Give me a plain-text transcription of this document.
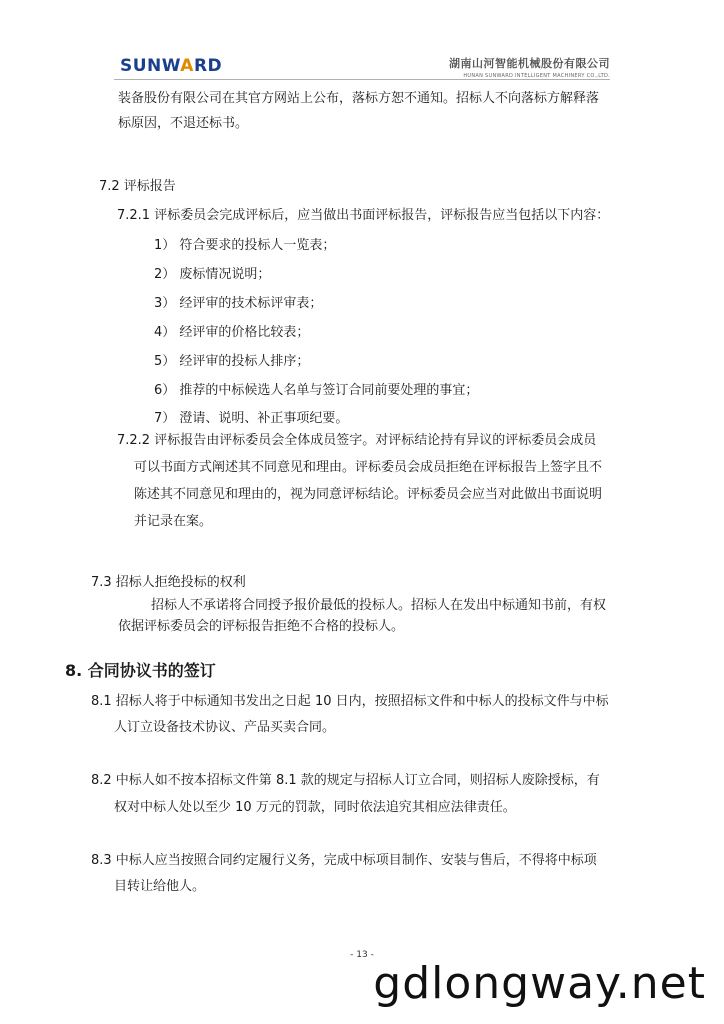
SUNWARD	湖南山河智能机械股份有限公司
HUNAN SUNWARD INTELLIGENT MACHINERY CO.,LTD.
装备股份有限公司在其官方网站上公布，落标方恕不通知。招标人不向落标方解释落
标原因，不退还标书。
7.2 评标报告
7.2.1 评标委员会完成评标后，应当做出书面评标报告，评标报告应当包括以下内容：
1） 符合要求的投标人一览表；
2） 废标情况说明；
3） 经评审的技术标评审表；
4） 经评审的价格比较表；
5） 经评审的投标人排序；
6） 推荐的中标候选人名单与签订合同前要处理的事宜；
7） 澄请、说明、补正事项纪要。
7.2.2 评标报告由评标委员会全体成员签字。对评标结论持有异议的评标委员会成员
可以书面方式阐述其不同意见和理由。评标委员会成员拒绝在评标报告上签字且不
陈述其不同意见和理由的，视为同意评标结论。评标委员会应当对此做出书面说明
并记录在案。
7.3 招标人拒绝投标的权利
招标人不承诺将合同授予报价最低的投标人。招标人在发出中标通知书前，有权
依据评标委员会的评标报告拒绝不合格的投标人。
8. 合同协议书的签订
8.1 招标人将于中标通知书发出之日起 10 日内，按照招标文件和中标人的投标文件与中标
人订立设备技术协议、产品买卖合同。
8.2 中标人如不按本招标文件第 8.1 款的规定与招标人订立合同，则招标人废除授标，有
权对中标人处以至少 10 万元的罚款，同时依法追究其相应法律责任。
8.3 中标人应当按照合同约定履行义务，完成中标项目制作、安装与售后，不得将中标项
目转让给他人。
- 13 -
gdlongway.net
